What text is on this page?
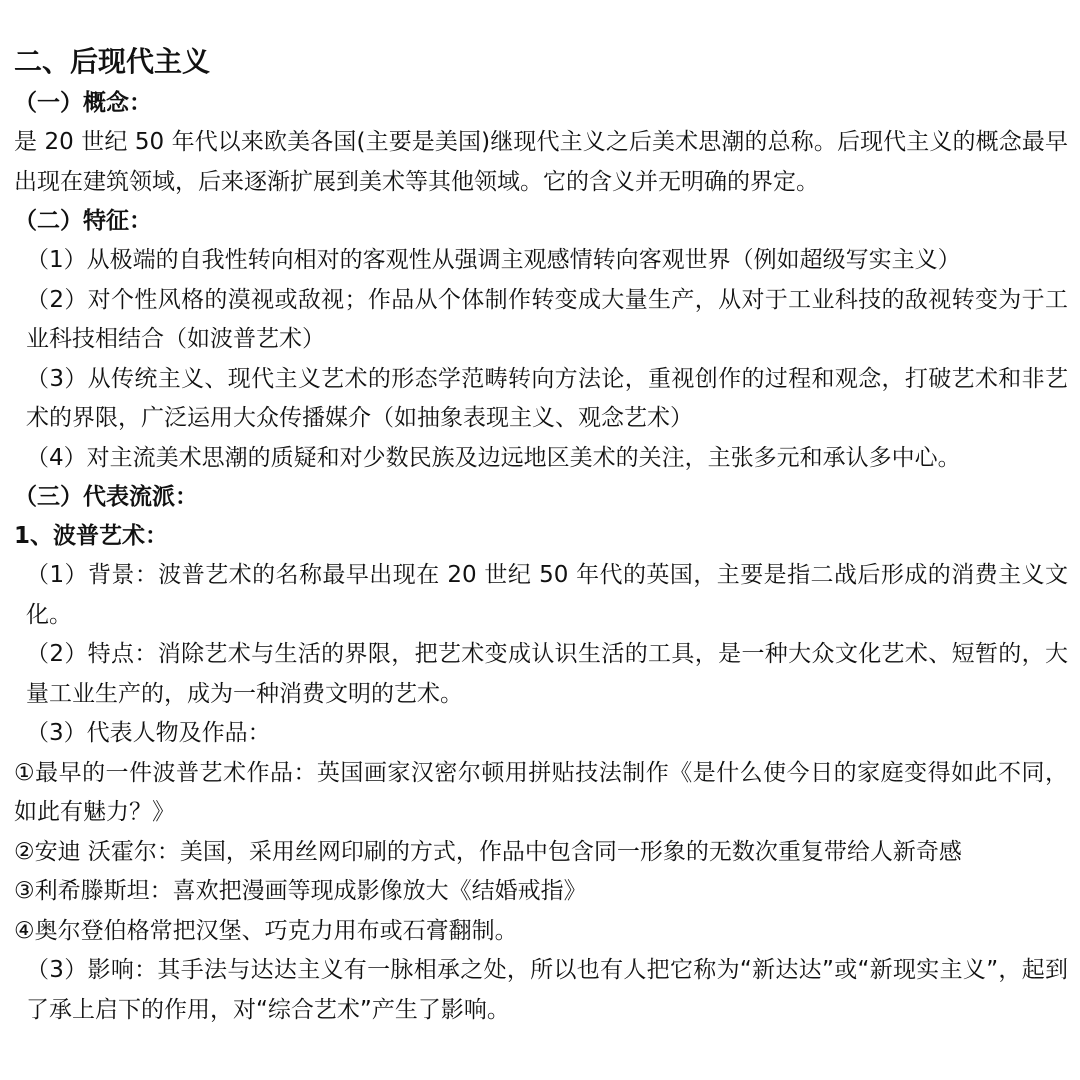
二、后现代主义
（一）概念：

是 20 世纪 50 年代以来欧美各国(主要是美国)继现代主义之后美术思潮的总称。后现代主义的概念最早出现在建筑领域，后来逐渐扩展到美术等其他领域。它的含义并无明确的界定。

（二）特征：

（1）从极端的自我性转向相对的客观性从强调主观感情转向客观世界（例如超级写实主义）

（2）对个性风格的漠视或敌视；作品从个体制作转变成大量生产，从对于工业科技的敌视转变为于工业科技相结合（如波普艺术）

（3）从传统主义、现代主义艺术的形态学范畴转向方法论，重视创作的过程和观念，打破艺术和非艺术的界限，广泛运用大众传播媒介（如抽象表现主义、观念艺术）

（4）对主流美术思潮的质疑和对少数民族及边远地区美术的关注，主张多元和承认多中心。

（三）代表流派：
1、波普艺术：

（1）背景：波普艺术的名称最早出现在 20 世纪 50 年代的英国，主要是指二战后形成的消费主义文化。

（2）特点：消除艺术与生活的界限，把艺术变成认识生活的工具，是一种大众文化艺术、短暂的，大量工业生产的，成为一种消费文明的艺术。

（3）代表人物及作品：

①最早的一件波普艺术作品：英国画家汉密尔顿用拼贴技法制作《是什么使今日的家庭变得如此不同，如此有魅力？》

②安迪 沃霍尔：美国，采用丝网印刷的方式，作品中包含同一形象的无数次重复带给人新奇感

③利希滕斯坦：喜欢把漫画等现成影像放大《结婚戒指》

④奥尔登伯格常把汉堡、巧克力用布或石膏翻制。

（3）影响：其手法与达达主义有一脉相承之处，所以也有人把它称为“新达达”或“新现实主义”，起到了承上启下的作用，对“综合艺术”产生了影响。
